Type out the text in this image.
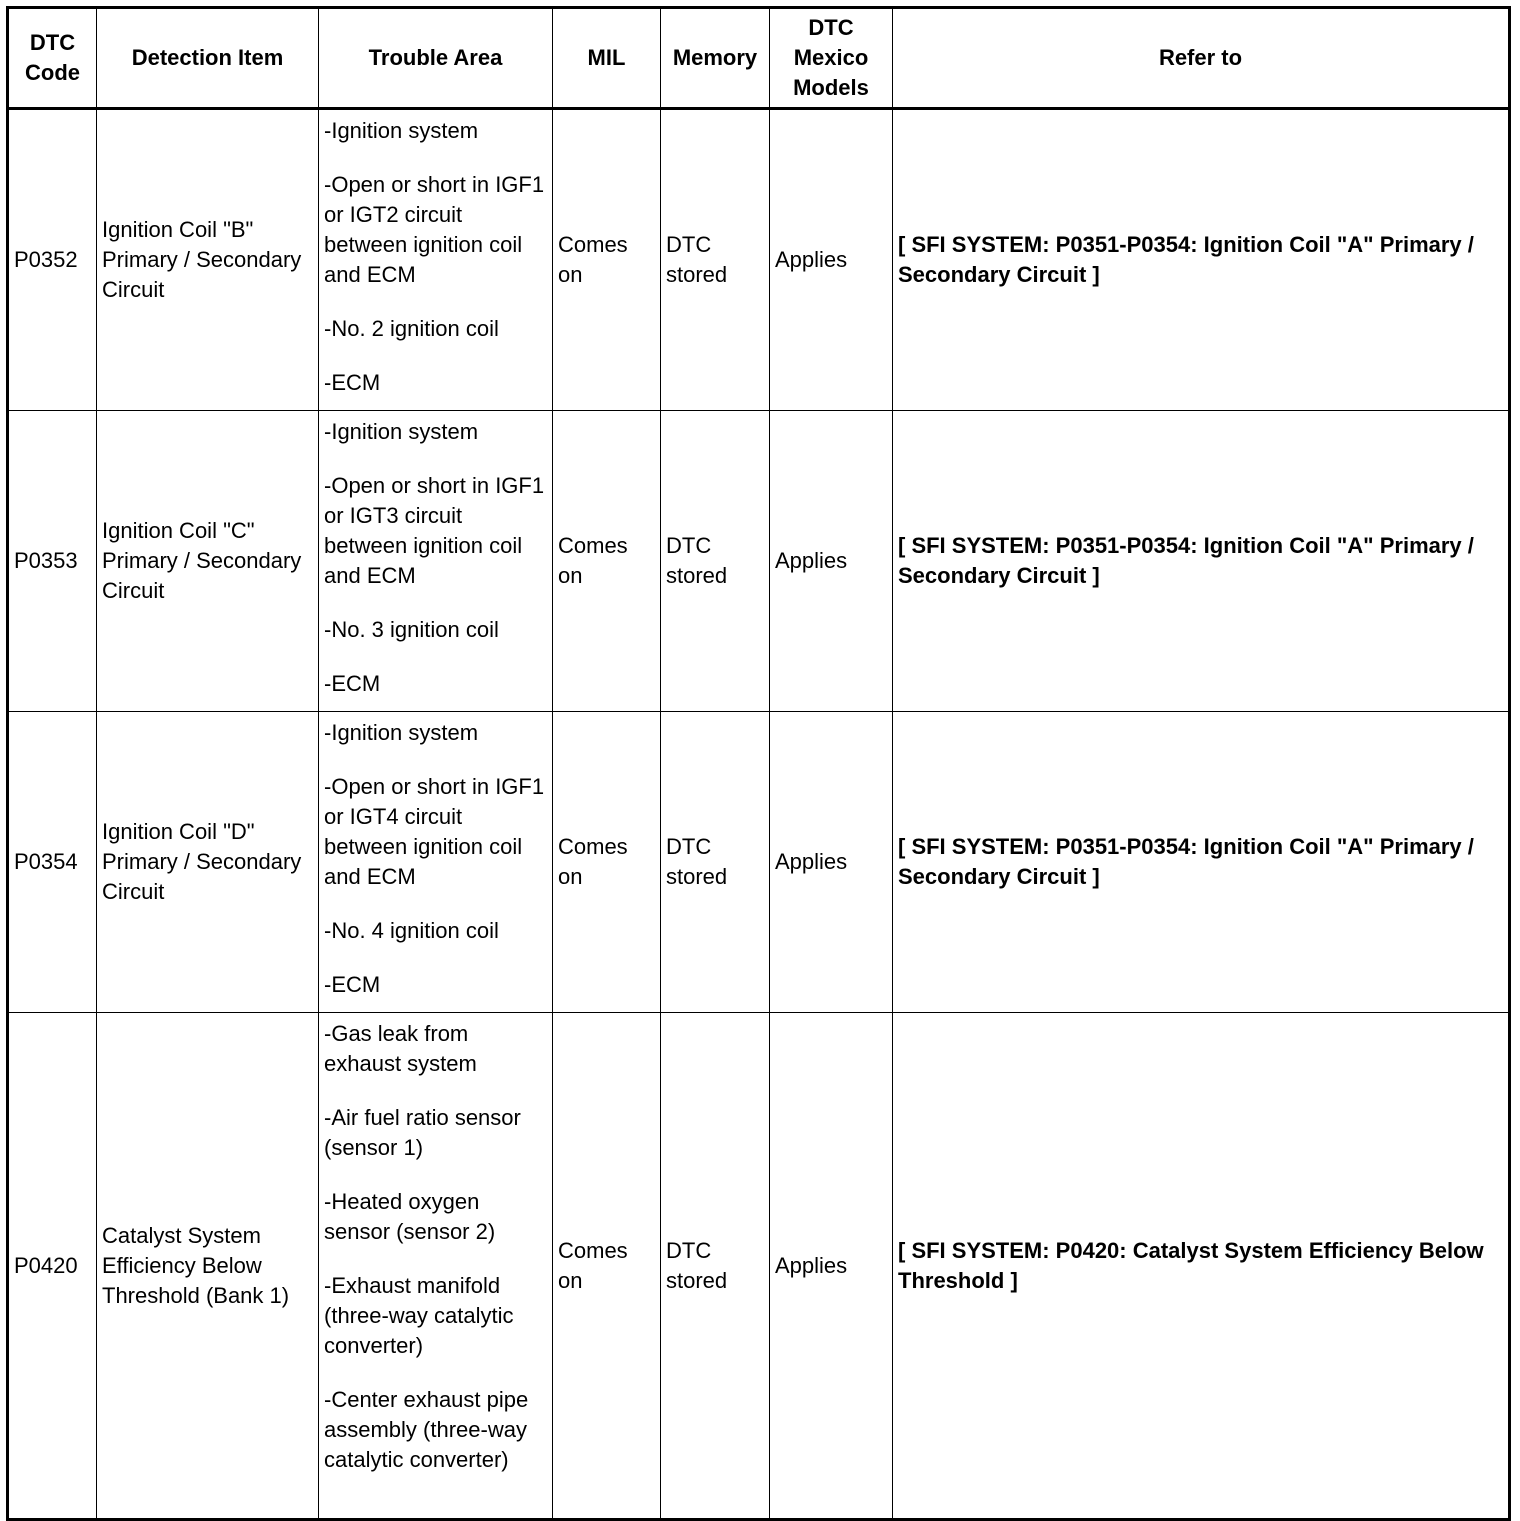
DTC Code	Detection Item	Trouble Area	MIL	Memory	DTC Mexico Models	Refer to
P0352	Ignition Coil "B" Primary / Secondary Circuit	-Ignition system
-Open or short in IGF1 or IGT2 circuit between ignition coil and ECM
-No. 2 ignition coil
-ECM	Comes on	DTC stored	Applies	[ SFI SYSTEM: P0351-P0354: Ignition Coil "A" Primary / Secondary Circuit ]
P0353	Ignition Coil "C" Primary / Secondary Circuit	-Ignition system
-Open or short in IGF1 or IGT3 circuit between ignition coil and ECM
-No. 3 ignition coil
-ECM	Comes on	DTC stored	Applies	[ SFI SYSTEM: P0351-P0354: Ignition Coil "A" Primary / Secondary Circuit ]
P0354	Ignition Coil "D" Primary / Secondary Circuit	-Ignition system
-Open or short in IGF1 or IGT4 circuit between ignition coil and ECM
-No. 4 ignition coil
-ECM	Comes on	DTC stored	Applies	[ SFI SYSTEM: P0351-P0354: Ignition Coil "A" Primary / Secondary Circuit ]
P0420	Catalyst System Efficiency Below Threshold (Bank 1)	-Gas leak from exhaust system
-Air fuel ratio sensor (sensor 1)
-Heated oxygen sensor (sensor 2)
-Exhaust manifold (three-way catalytic converter)
-Center exhaust pipe assembly (three-way catalytic converter)	Comes on	DTC stored	Applies	[ SFI SYSTEM: P0420: Catalyst System Efficiency Below Threshold ]
